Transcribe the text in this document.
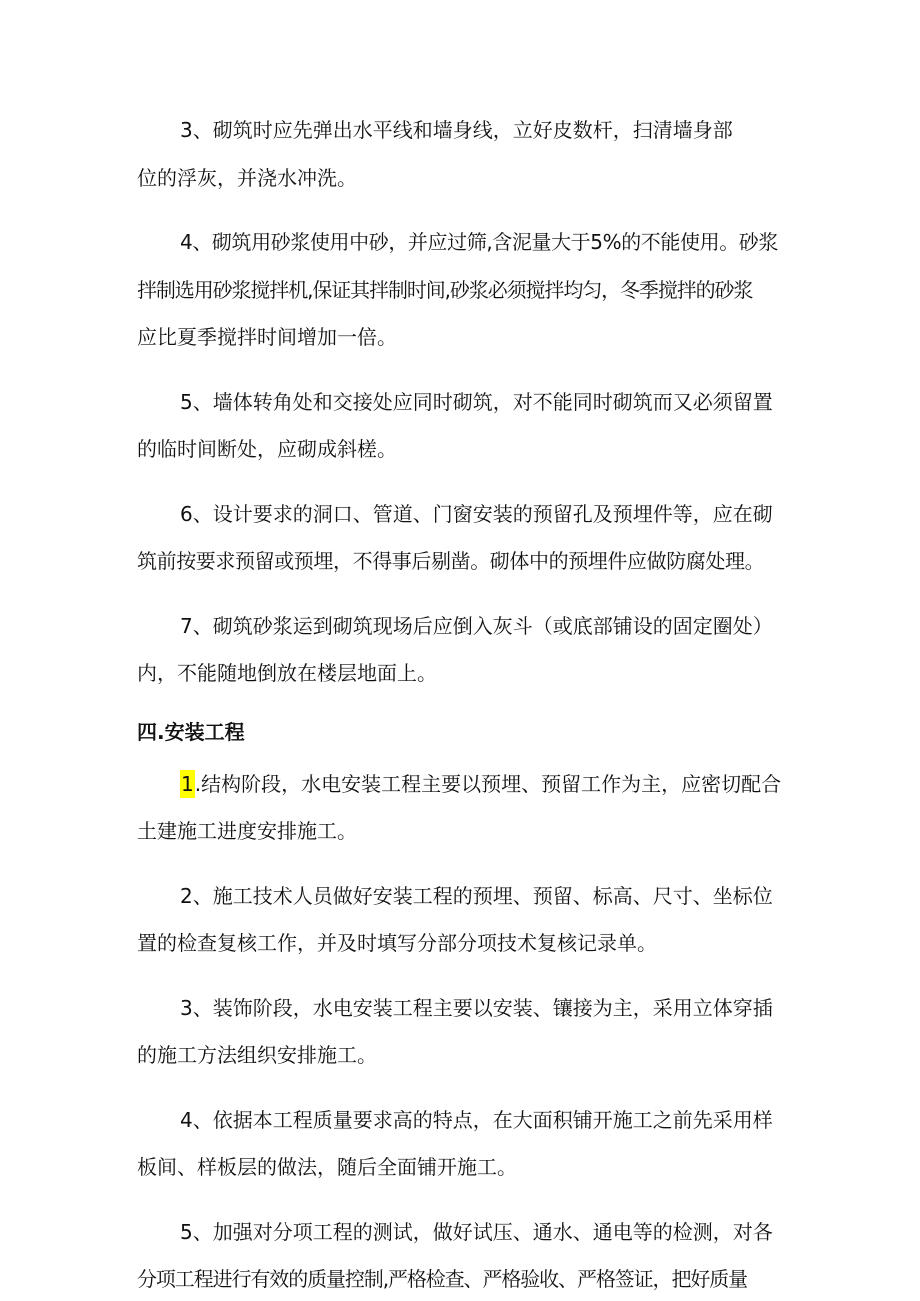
3、砌筑时应先弹出水平线和墙身线，立好皮数杆，扫清墙身部
位的浮灰，并浇水冲洗。
4、砌筑用砂浆使用中砂，并应过筛,含泥量大于5%的不能使用。砂浆
拌制选用砂浆搅拌机,保证其拌制时间,砂浆必须搅拌均匀，冬季搅拌的砂浆
应比夏季搅拌时间增加一倍。
5、墙体转角处和交接处应同时砌筑，对不能同时砌筑而又必须留置
的临时间断处，应砌成斜槎。
6、设计要求的洞口、管道、门窗安装的预留孔及预埋件等，应在砌
筑前按要求预留或预埋，不得事后剔凿。砌体中的预埋件应做防腐处理。
7、砌筑砂浆运到砌筑现场后应倒入灰斗（或底部铺设的固定圈处）
内，不能随地倒放在楼层地面上。
四.安装工程
1.结构阶段，水电安装工程主要以预埋、预留工作为主，应密切配合
土建施工进度安排施工。
2、施工技术人员做好安装工程的预埋、预留、标高、尺寸、坐标位
置的检查复核工作，并及时填写分部分项技术复核记录单。
3、装饰阶段，水电安装工程主要以安装、镶接为主，采用立体穿插
的施工方法组织安排施工。
4、依据本工程质量要求高的特点，在大面积铺开施工之前先采用样
板间、样板层的做法，随后全面铺开施工。
5、加强对分项工程的测试，做好试压、通水、通电等的检测，对各
分项工程进行有效的质量控制,严格检查、严格验收、严格签证，把好质量
